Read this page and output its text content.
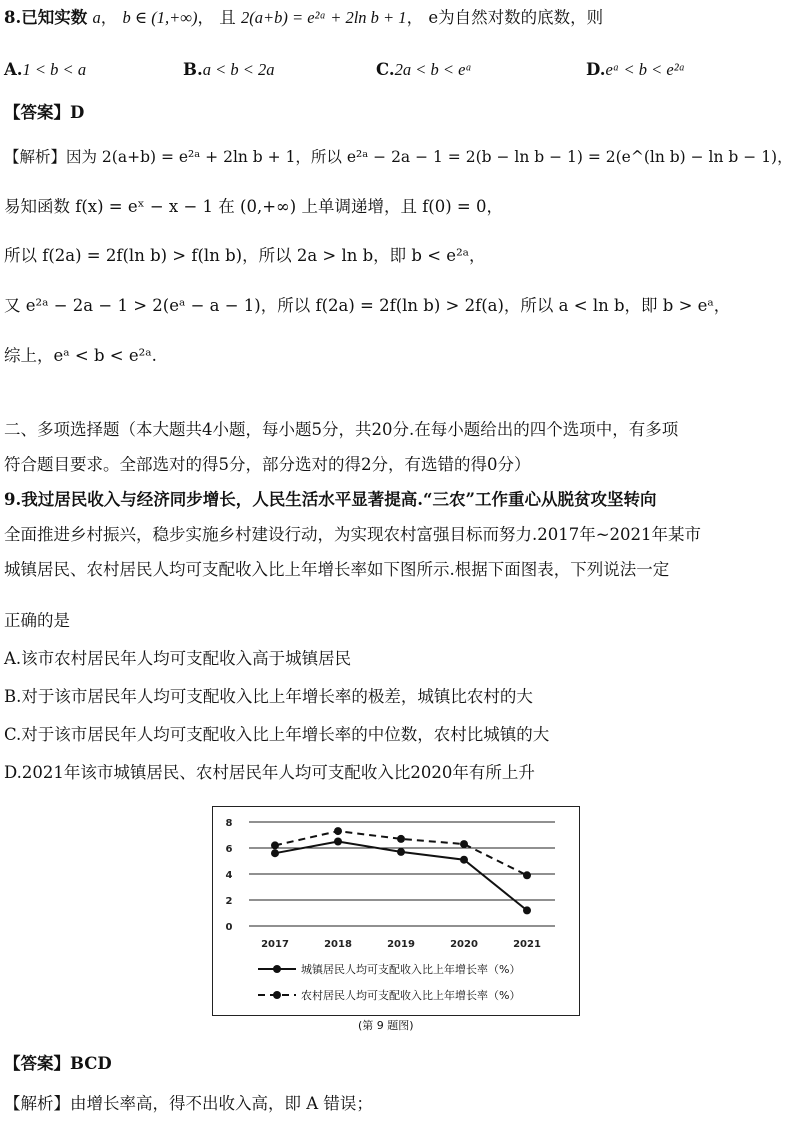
8.已知实数 a， b ∈ (1,+∞)， 且 2(a+b) = e²ᵃ + 2ln b + 1， e为自然对数的底数，则
A.1 < b < a	B.a < b < 2a	C.2a < b < eᵃ	D.eᵃ < b < e²ᵃ
【答案】D
【解析】因为 2(a+b) = e²ᵃ + 2ln b + 1，所以 e²ᵃ − 2a − 1 = 2(b − ln b − 1) = 2(e^(ln b) − ln b − 1)，
易知函数 f(x) = eˣ − x − 1 在 (0,+∞) 上单调递增，且 f(0) = 0，
所以 f(2a) = 2f(ln b) > f(ln b)，所以 2a > ln b，即 b < e²ᵃ，
又 e²ᵃ − 2a − 1 > 2(eᵃ − a − 1)，所以 f(2a) = 2f(ln b) > 2f(a)，所以 a < ln b，即 b > eᵃ，
综上，eᵃ < b < e²ᵃ.
二、多项选择题（本大题共4小题，每小题5分，共20分.在每小题给出的四个选项中，有多项
符合题目要求。全部选对的得5分，部分选对的得2分，有选错的得0分）
9.我过居民收入与经济同步增长，人民生活水平显著提高.“三农”工作重心从脱贫攻坚转向
全面推进乡村振兴，稳步实施乡村建设行动，为实现农村富强目标而努力.2017年~2021年某市
城镇居民、农村居民人均可支配收入比上年增长率如下图所示.根据下面图表，下列说法一定
正确的是
A.该市农村居民年人均可支配收入高于城镇居民
B.对于该市居民年人均可支配收入比上年增长率的极差，城镇比农村的大
C.对于该市居民年人均可支配收入比上年增长率的中位数，农村比城镇的大
D.2021年该市城镇居民、农村居民年人均可支配收入比2020年有所上升
0
2
4
6
8
2017	2018	2019	2020	2021
城镇居民人均可支配收入比上年增长率（%）
农村居民人均可支配收入比上年增长率（%）
(第 9 题图)
【答案】BCD
【解析】由增长率高，得不出收入高，即 A 错误；
